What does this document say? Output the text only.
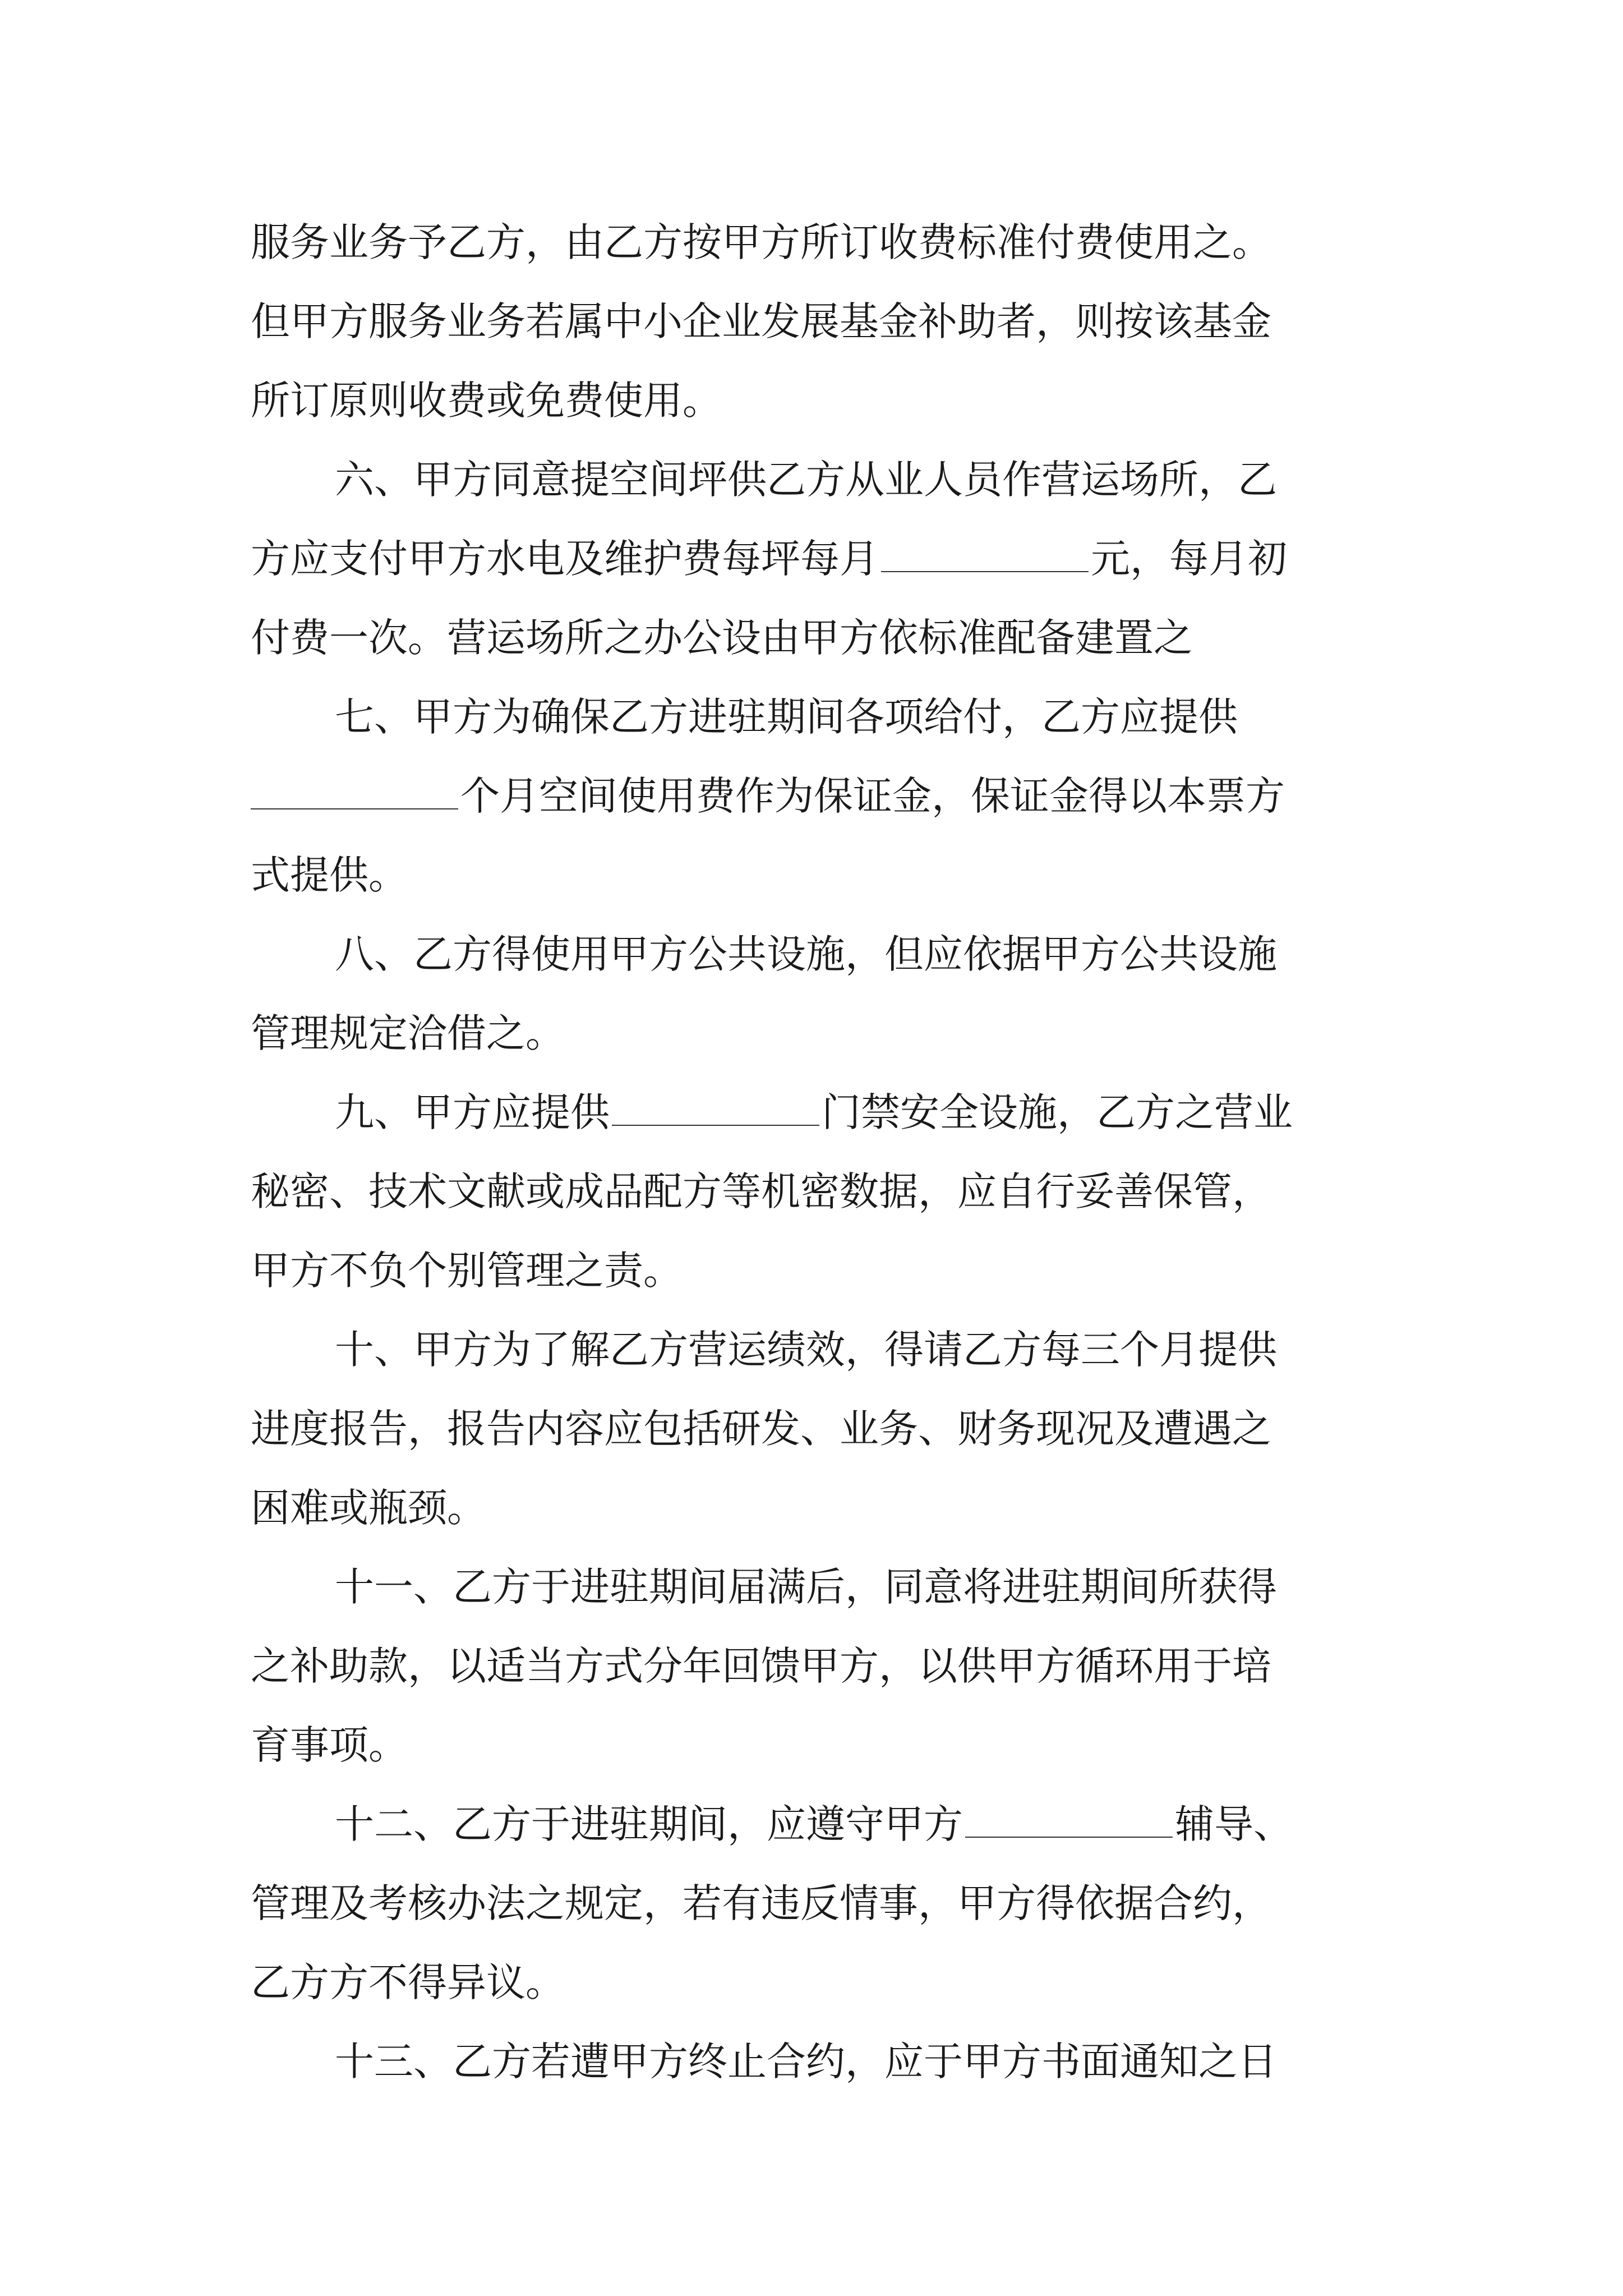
服务业务予乙方，由乙方按甲方所订收费标准付费使用之。
但甲方服务业务若属中小企业发展基金补助者，则按该基金
所订原则收费或免费使用。
六、甲方同意提空间坪供乙方从业人员作营运场所，乙
方应支付甲方水电及维护费每坪每月	元，每月初
付费一次。营运场所之办公设由甲方依标准配备建置之
七、甲方为确保乙方进驻期间各项给付，乙方应提供
个月空间使用费作为保证金，保证金得以本票方
式提供。
八、乙方得使用甲方公共设施，但应依据甲方公共设施
管理规定洽借之。
九、甲方应提供	门禁安全设施，乙方之营业
秘密、技术文献或成品配方等机密数据，应自行妥善保管，
甲方不负个别管理之责。
十、甲方为了解乙方营运绩效，得请乙方每三个月提供
进度报告，报告内容应包括研发、业务、财务现况及遭遇之
困难或瓶颈。
十一、乙方于进驻期间届满后，同意将进驻期间所获得
之补助款，以适当方式分年回馈甲方，以供甲方循环用于培
育事项。
十二、乙方于进驻期间，应遵守甲方	辅导、
管理及考核办法之规定，若有违反情事，甲方得依据合约，
乙方方不得异议。
十三、乙方若遭甲方终止合约，应于甲方书面通知之日
